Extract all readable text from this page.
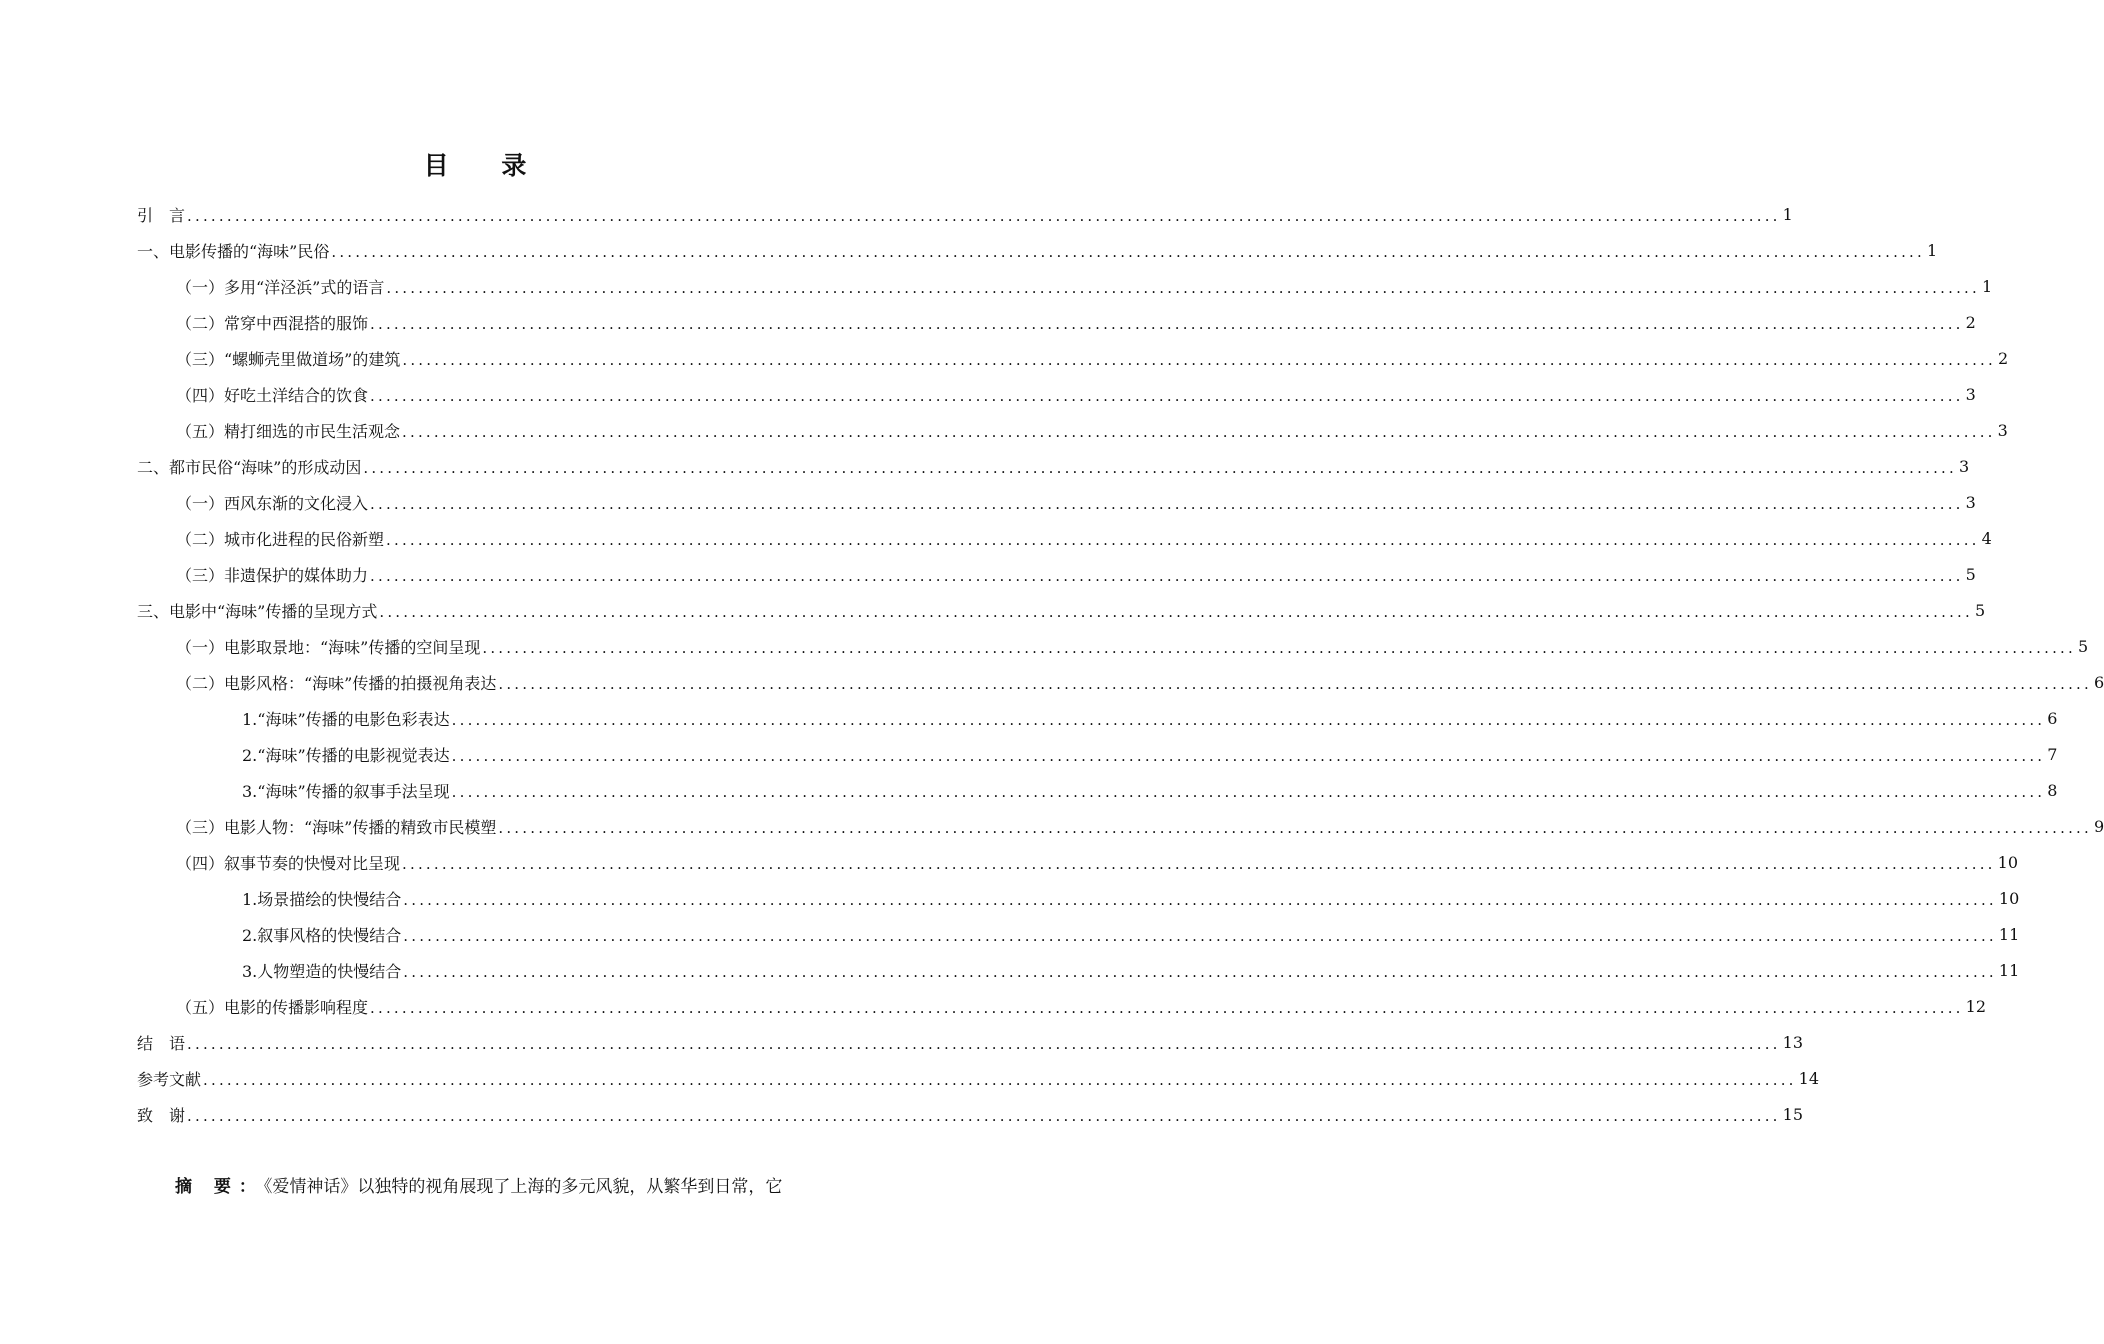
目 录
引　言 ........................................................................................................................................................................................................ 1
一、电影传播的“海味”民俗 ........................................................................................................................................................................................................ 1
（一）多用“洋泾浜”式的语言 ........................................................................................................................................................................................................ 1
（二）常穿中西混搭的服饰 ........................................................................................................................................................................................................ 2
（三）“螺蛳壳里做道场”的建筑 ........................................................................................................................................................................................................ 2
（四）好吃土洋结合的饮食 ........................................................................................................................................................................................................ 3
（五）精打细选的市民生活观念 ........................................................................................................................................................................................................ 3
二、都市民俗“海味”的形成动因 ........................................................................................................................................................................................................ 3
（一）西风东渐的文化浸入 ........................................................................................................................................................................................................ 3
（二）城市化进程的民俗新塑 ........................................................................................................................................................................................................ 4
（三）非遗保护的媒体助力 ........................................................................................................................................................................................................ 5
三、电影中“海味”传播的呈现方式 ........................................................................................................................................................................................................ 5
（一）电影取景地：“海味”传播的空间呈现 ........................................................................................................................................................................................................ 5
（二）电影风格：“海味”传播的拍摄视角表达 ........................................................................................................................................................................................................ 6
1.“海味”传播的电影色彩表达 ........................................................................................................................................................................................................ 6
2.“海味”传播的电影视觉表达 ........................................................................................................................................................................................................ 7
3.“海味”传播的叙事手法呈现 ........................................................................................................................................................................................................ 8
（三）电影人物：“海味”传播的精致市民模塑 ........................................................................................................................................................................................................ 9
（四）叙事节奏的快慢对比呈现 ........................................................................................................................................................................................................ 10
1.场景描绘的快慢结合 ........................................................................................................................................................................................................ 10
2.叙事风格的快慢结合 ........................................................................................................................................................................................................ 11
3.人物塑造的快慢结合 ........................................................................................................................................................................................................ 11
（五）电影的传播影响程度 ........................................................................................................................................................................................................ 12
结　语 ........................................................................................................................................................................................................ 13
参考文献 ........................................................................................................................................................................................................ 14
致　谢 ........................................................................................................................................................................................................ 15
摘 要：《爱情神话》以独特的视角展现了上海的多元风貌，从繁华到日常，它
